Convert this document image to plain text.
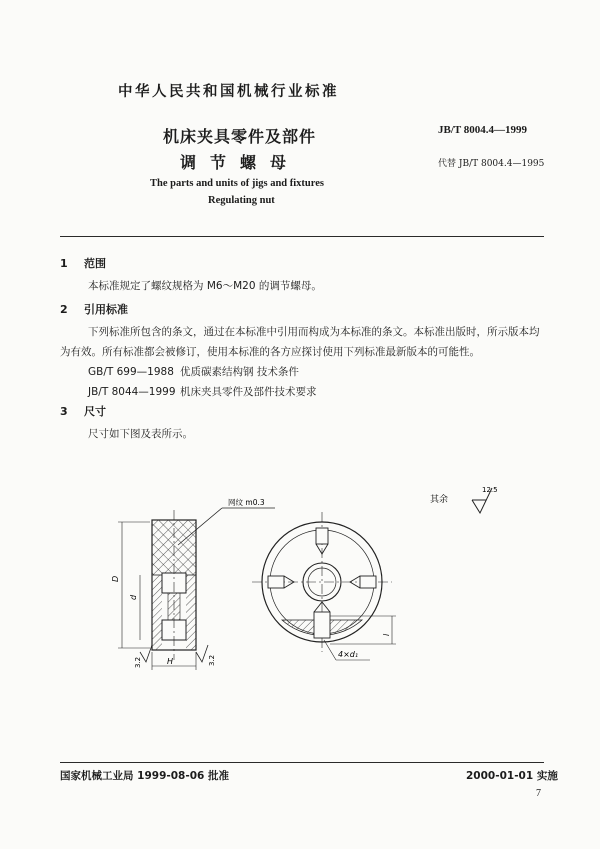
中华人民共和国机械行业标准
机床夹具零件及部件
调节螺母
JB/T 8004.4—1999
代替 JB/T 8004.4—1995
The parts and units of jigs and fixtures
Regulating nut
1 范围
本标准规定了螺纹规格为 M6～M20 的调节螺母。
2 引用标准
下列标准所包含的条文，通过在本标准中引用而构成为本标准的条文。本标准出版时，所示版本均为有效。所有标准都会被修订，使用本标准的各方应探讨使用下列标准最新版本的可能性。
GB/T 699—1988 优质碳素结构钢 技术条件
JB/T 8044—1999 机床夹具零件及部件技术要求
3 尺寸
尺寸如下图及表所示。
其余
12.5
网纹 m0.3
D
d
H
3.2	3.2
l
4×d₁
国家机械工业局 1999-08-06 批准	2000-01-01 实施
7
